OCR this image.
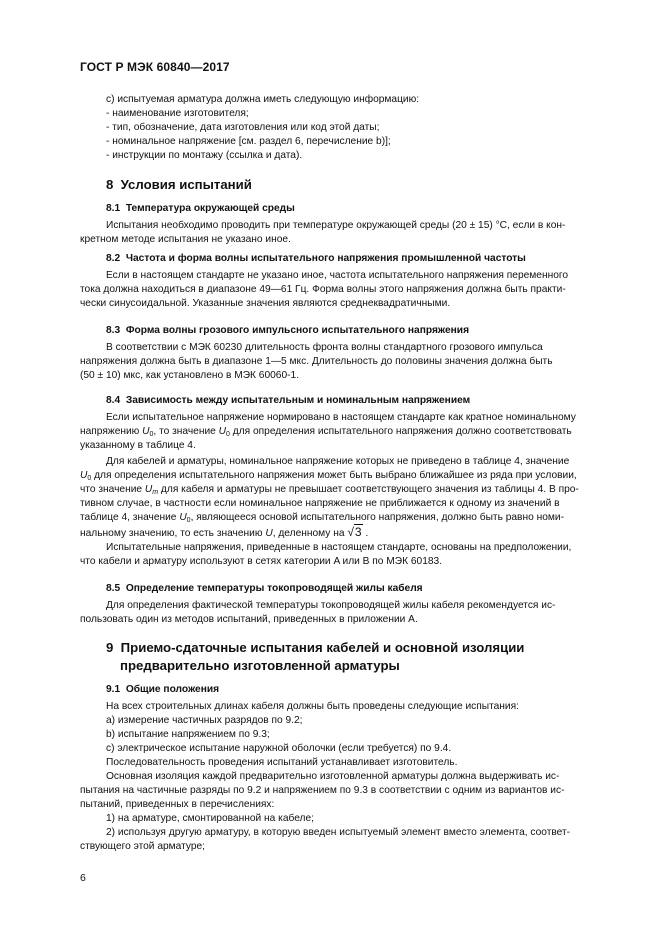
ГОСТ Р МЭК 60840—2017
c) испытуемая арматура должна иметь следующую информацию:
- наименование изготовителя;
- тип, обозначение, дата изготовления или код этой даты;
- номинальное напряжение [см. раздел 6, перечисление b)];
- инструкции по монтажу (ссылка и дата).
8 Условия испытаний
8.1 Температура окружающей среды
Испытания необходимо проводить при температуре окружающей среды (20 ± 15) °C, если в кон-
кретном методе испытания не указано иное.
8.2 Частота и форма волны испытательного напряжения промышленной частоты
Если в настоящем стандарте не указано иное, частота испытательного напряжения переменного
тока должна находиться в диапазоне 49—61 Гц. Форма волны этого напряжения должна быть практи-
чески синусоидальной. Указанные значения являются среднеквадратичными.
8.3 Форма волны грозового импульсного испытательного напряжения
В соответствии с МЭК 60230 длительность фронта волны стандартного грозового импульса
напряжения должна быть в диапазоне 1—5 мкс. Длительность до половины значения должна быть
(50 ± 10) мкс, как установлено в МЭК 60060-1.
8.4 Зависимость между испытательным и номинальным напряжением
Если испытательное напряжение нормировано в настоящем стандарте как кратное номинальному
напряжению $U_0$, то значение $U_0$ для определения испытательного напряжения должно соответствовать
указанному в таблице 4.
Для кабелей и арматуры, номинальное напряжение которых не приведено в таблице 4, значение
$U_0$ для определения испытательного напряжения может быть выбрано ближайшее из ряда при условии,
что значение $U_m$ для кабеля и арматуры не превышает соответствующего значения из таблицы 4. В про-
тивном случае, в частности если номинальное напряжение не приближается к одному из значений в
таблице 4, значение $U_0$, являющееся основой испытательного напряжения, должно быть равно номи-
нальному значению, то есть значению U, деленному на √3 .
Испытательные напряжения, приведенные в настоящем стандарте, основаны на предположении,
что кабели и арматуру используют в сетях категории A или B по МЭК 60183.
8.5 Определение температуры токопроводящей жилы кабеля
Для определения фактической температуры токопроводящей жилы кабеля рекомендуется ис-
пользовать один из методов испытаний, приведенных в приложении А.
9 Приемо-сдаточные испытания кабелей и основной изоляции
предварительно изготовленной арматуры
9.1 Общие положения
На всех строительных длинах кабеля должны быть проведены следующие испытания:
a) измерение частичных разрядов по 9.2;
b) испытание напряжением по 9.3;
c) электрическое испытание наружной оболочки (если требуется) по 9.4.
Последовательность проведения испытаний устанавливает изготовитель.
Основная изоляция каждой предварительно изготовленной арматуры должна выдерживать ис-
пытания на частичные разряды по 9.2 и напряжением по 9.3 в соответствии с одним из вариантов ис-
пытаний, приведенных в перечислениях:
1) на арматуре, смонтированной на кабеле;
2) используя другую арматуру, в которую введен испытуемый элемент вместо элемента, соответ-
ствующего этой арматуре;
6
